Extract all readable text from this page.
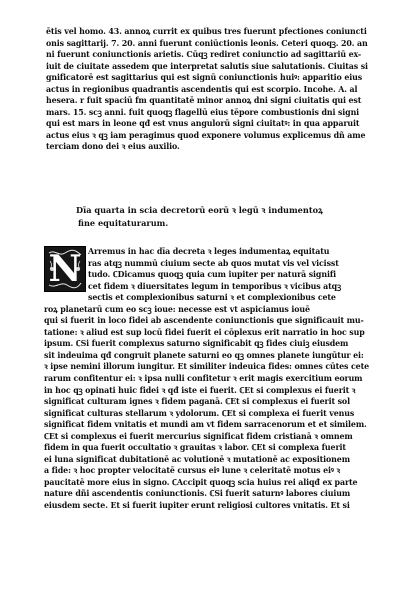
ētis vel homo. 43. annoꝝ currit ex quibus tres fuerunt pfectiones coniuncti
onis sagittarij. 7. 20. anni fuerunt coniūctionis leonis. Ceteri quoqꝫ. 20. an
ni fuerunt coniunctionis arietis. Cūqꝫ rediret coniunctio ad sagittariū ex-
iuit de ciuitate assedem que interpretat salutis siue salutationis. Ciuitas si
gnificatorē est sagittarius qui est signū coniunctionis huiꝰ: apparitio eius
actus in regionibus quadrantis ascendentis qui est scorpio. Incohe. A. al
hesera. r fuit spaciū fm quantitatē minor annoꝝ dni signi ciuitatis qui est
mars. 15. scꝫ anni. fuit quoqꝫ flagellū eius tēpore combustionis dni signi
qui est mars in leone qđ est vnus angulorū signi ciuitatꝰ: in qua apparuit
actus eius ꝛ qꝫ iam peragimus quod exponere volumus explicemus dñ ame
terciam dono dei ꝛ eius auxilio.
Dīa quarta in scia decretorū eorū ꝛ legū ꝛ indumentoꝝ
fine equitaturarum.
N Arremus in hac dīa decreta ꝛ leges indumentaꝝ equitatu
ras atqꝫ nummū ciuium secte ab quos mutat vis vel vicisst
tudo. ℂDicamus quoqꝫ quia cum iupiter per naturā signifi
cet fidem ꝛ diuersitates legum in temporibus ꝛ vicibus atqꝫ
sectis et complexionibus saturni ꝛ et complexionibus cete
roꝝ planetarū cum eo scꝫ ioue: necesse est vt aspiciamus iouē
qui si fuerit in loco fidei ab ascendente coniunctionis que significauit mu-
tatione: ꝛ aliud est sup locū fidei fuerit ei cōplexus erit narratio in hoc sup
ipsum. ℂSi fuerit complexus saturno significabit qꝫ fides ciuiꝫ eiusdem
sit indeuima qđ congruit planete saturni eo qꝫ omnes planete iungūtur ei:
ꝛ ipse nemini illorum iungitur. Et similiter indeuica fides: omnes cūtes cete
rarum confitentur ei: ꝛ ipsa nulli confitetur ꝛ erit magis exercitium eorum
in hoc qꝫ opinati huic fidei ꝛ qđ iste ei fuerit. ℂEt si complexus ei fuerit ꝛ
significat culturam ignes ꝛ fidem paganā. ℂEt si complexus ei fuerit sol
significat culturas stellarum ꝛ ydolorum. ℂEt si complexa ei fuerit venus
significat fidem vnitatis et mundi am vt fidem sarracenorum et et similem.
ℂEt si complexus ei fuerit mercurius significat fidem cristianā ꝛ omnem
fidem in qua fuerit occultatio ꝛ grauitas ꝛ labor. ℂEt si complexa fuerit
ei luna significat dubitationē ac volutionē ꝛ mutationē ac expositionem
a fide: ꝛ hoc propter velocitatē cursus eiꝰ lune ꝛ celeritatē motus eiꝰ ꝛ
paucitatē more eius in signo. ℂAccipit quoqꝫ scia huius rei aliqđ ex parte
nature dñi ascendentis coniunctionis. ℂSi fuerit saturnꝰ labores ciuium
eiusdem secte. Et si fuerit iupiter erunt religiosi cultores vnitatis. Et si
